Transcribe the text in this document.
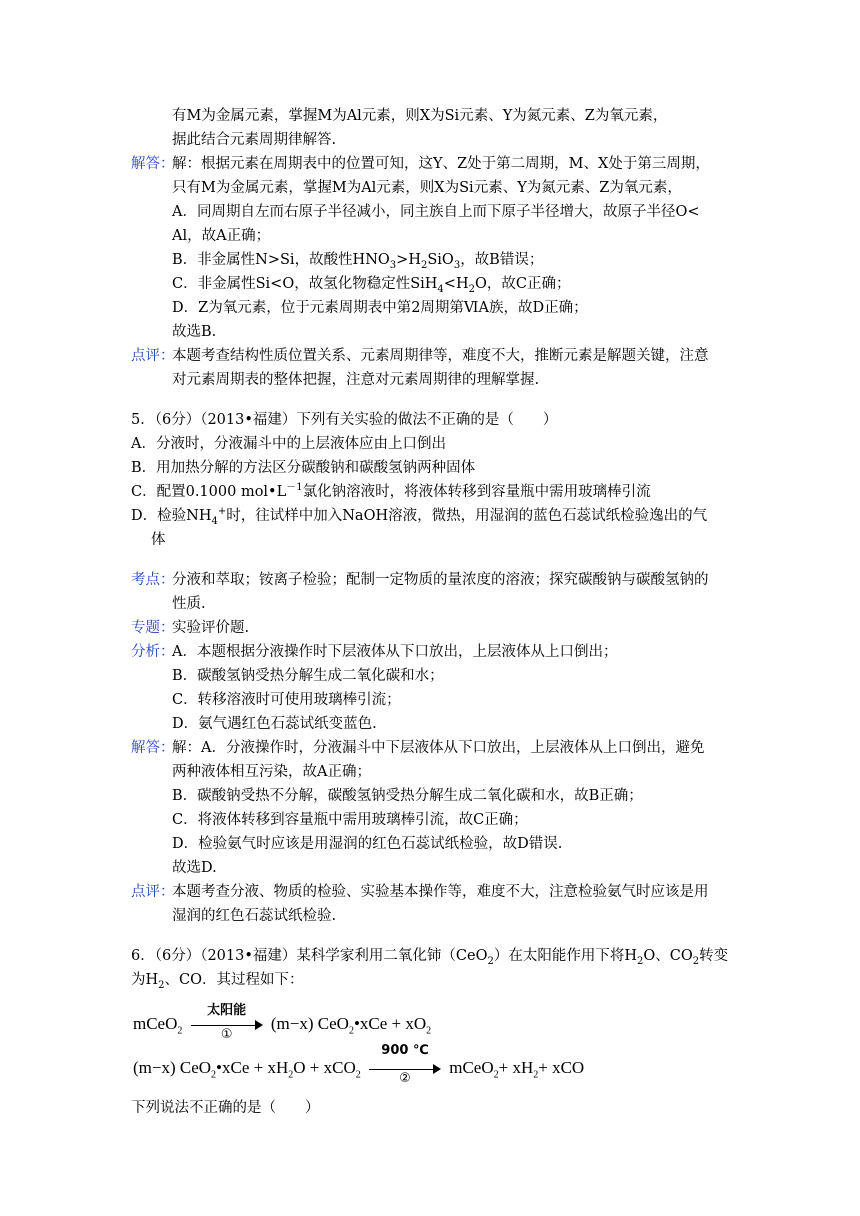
有M为金属元素，掌握M为Al元素，则X为Si元素、Y为氮元素、Z为氧元素，
据此结合元素周期律解答.
解答：
解：根据元素在周期表中的位置可知，这Y、Z处于第二周期，M、X处于第三周期，
只有M为金属元素，掌握M为Al元素，则X为Si元素、Y为氮元素、Z为氧元素，
A．同周期自左而右原子半径减小，同主族自上而下原子半径增大，故原子半径O<
Al，故A正确；
B．非金属性N>Si，故酸性$HNO_3>H_2SiO_3$，故B错误；
C．非金属性Si<O，故氢化物稳定性$SiH_4<H_2O$，故C正确；
D．Z为氧元素，位于元素周期表中第2周期第ⅥA族，故D正确；
故选B.
点评：
本题考查结构性质位置关系、元素周期律等，难度不大，推断元素是解题关键，注意
对元素周期表的整体把握，注意对元素周期律的理解掌握.
5．（6分）（2013•福建）下列有关实验的做法不正确的是（　　）
A．分液时，分液漏斗中的上层液体应由上口倒出
B．用加热分解的方法区分碳酸钠和碳酸氢钠两种固体
C．配置0.1000 $mol•L^{-1}$氯化钠溶液时，将液体转移到容量瓶中需用玻璃棒引流
D．检验$NH_4^+$时，往试样中加入NaOH溶液，微热，用湿润的蓝色石蕊试纸检验逸出的气
体
考点：
分液和萃取；铵离子检验；配制一定物质的量浓度的溶液；探究碳酸钠与碳酸氢钠的
性质.
专题：
实验评价题.
分析：
A．本题根据分液操作时下层液体从下口放出，上层液体从上口倒出；
B．碳酸氢钠受热分解生成二氧化碳和水；
C．转移溶液时可使用玻璃棒引流；
D．氨气遇红色石蕊试纸变蓝色.
解答：
解：A．分液操作时，分液漏斗中下层液体从下口放出，上层液体从上口倒出，避免
两种液体相互污染，故A正确；
B．碳酸钠受热不分解，碳酸氢钠受热分解生成二氧化碳和水，故B正确；
C．将液体转移到容量瓶中需用玻璃棒引流，故C正确；
D．检验氨气时应该是用湿润的红色石蕊试纸检验，故D错误.
故选D.
点评：
本题考查分液、物质的检验、实验基本操作等，难度不大，注意检验氨气时应该是用
湿润的红色石蕊试纸检验.
6．（6分）（2013•福建）某科学家利用二氧化铈（CeO$_2$）在太阳能作用下将$H_2O$、$CO_2$转变
为$H_2$、CO．其过程如下：
mCeO$_2$
太阳能
①
(m−x) CeO$_2$•xCe + $xO_2$
(m−x) CeO$_2$•xCe + $xH_2O + xCO_2$
900 ℃
②
mCeO$_2$+ $xH_2+$ xCO
下列说法不正确的是（　　）
